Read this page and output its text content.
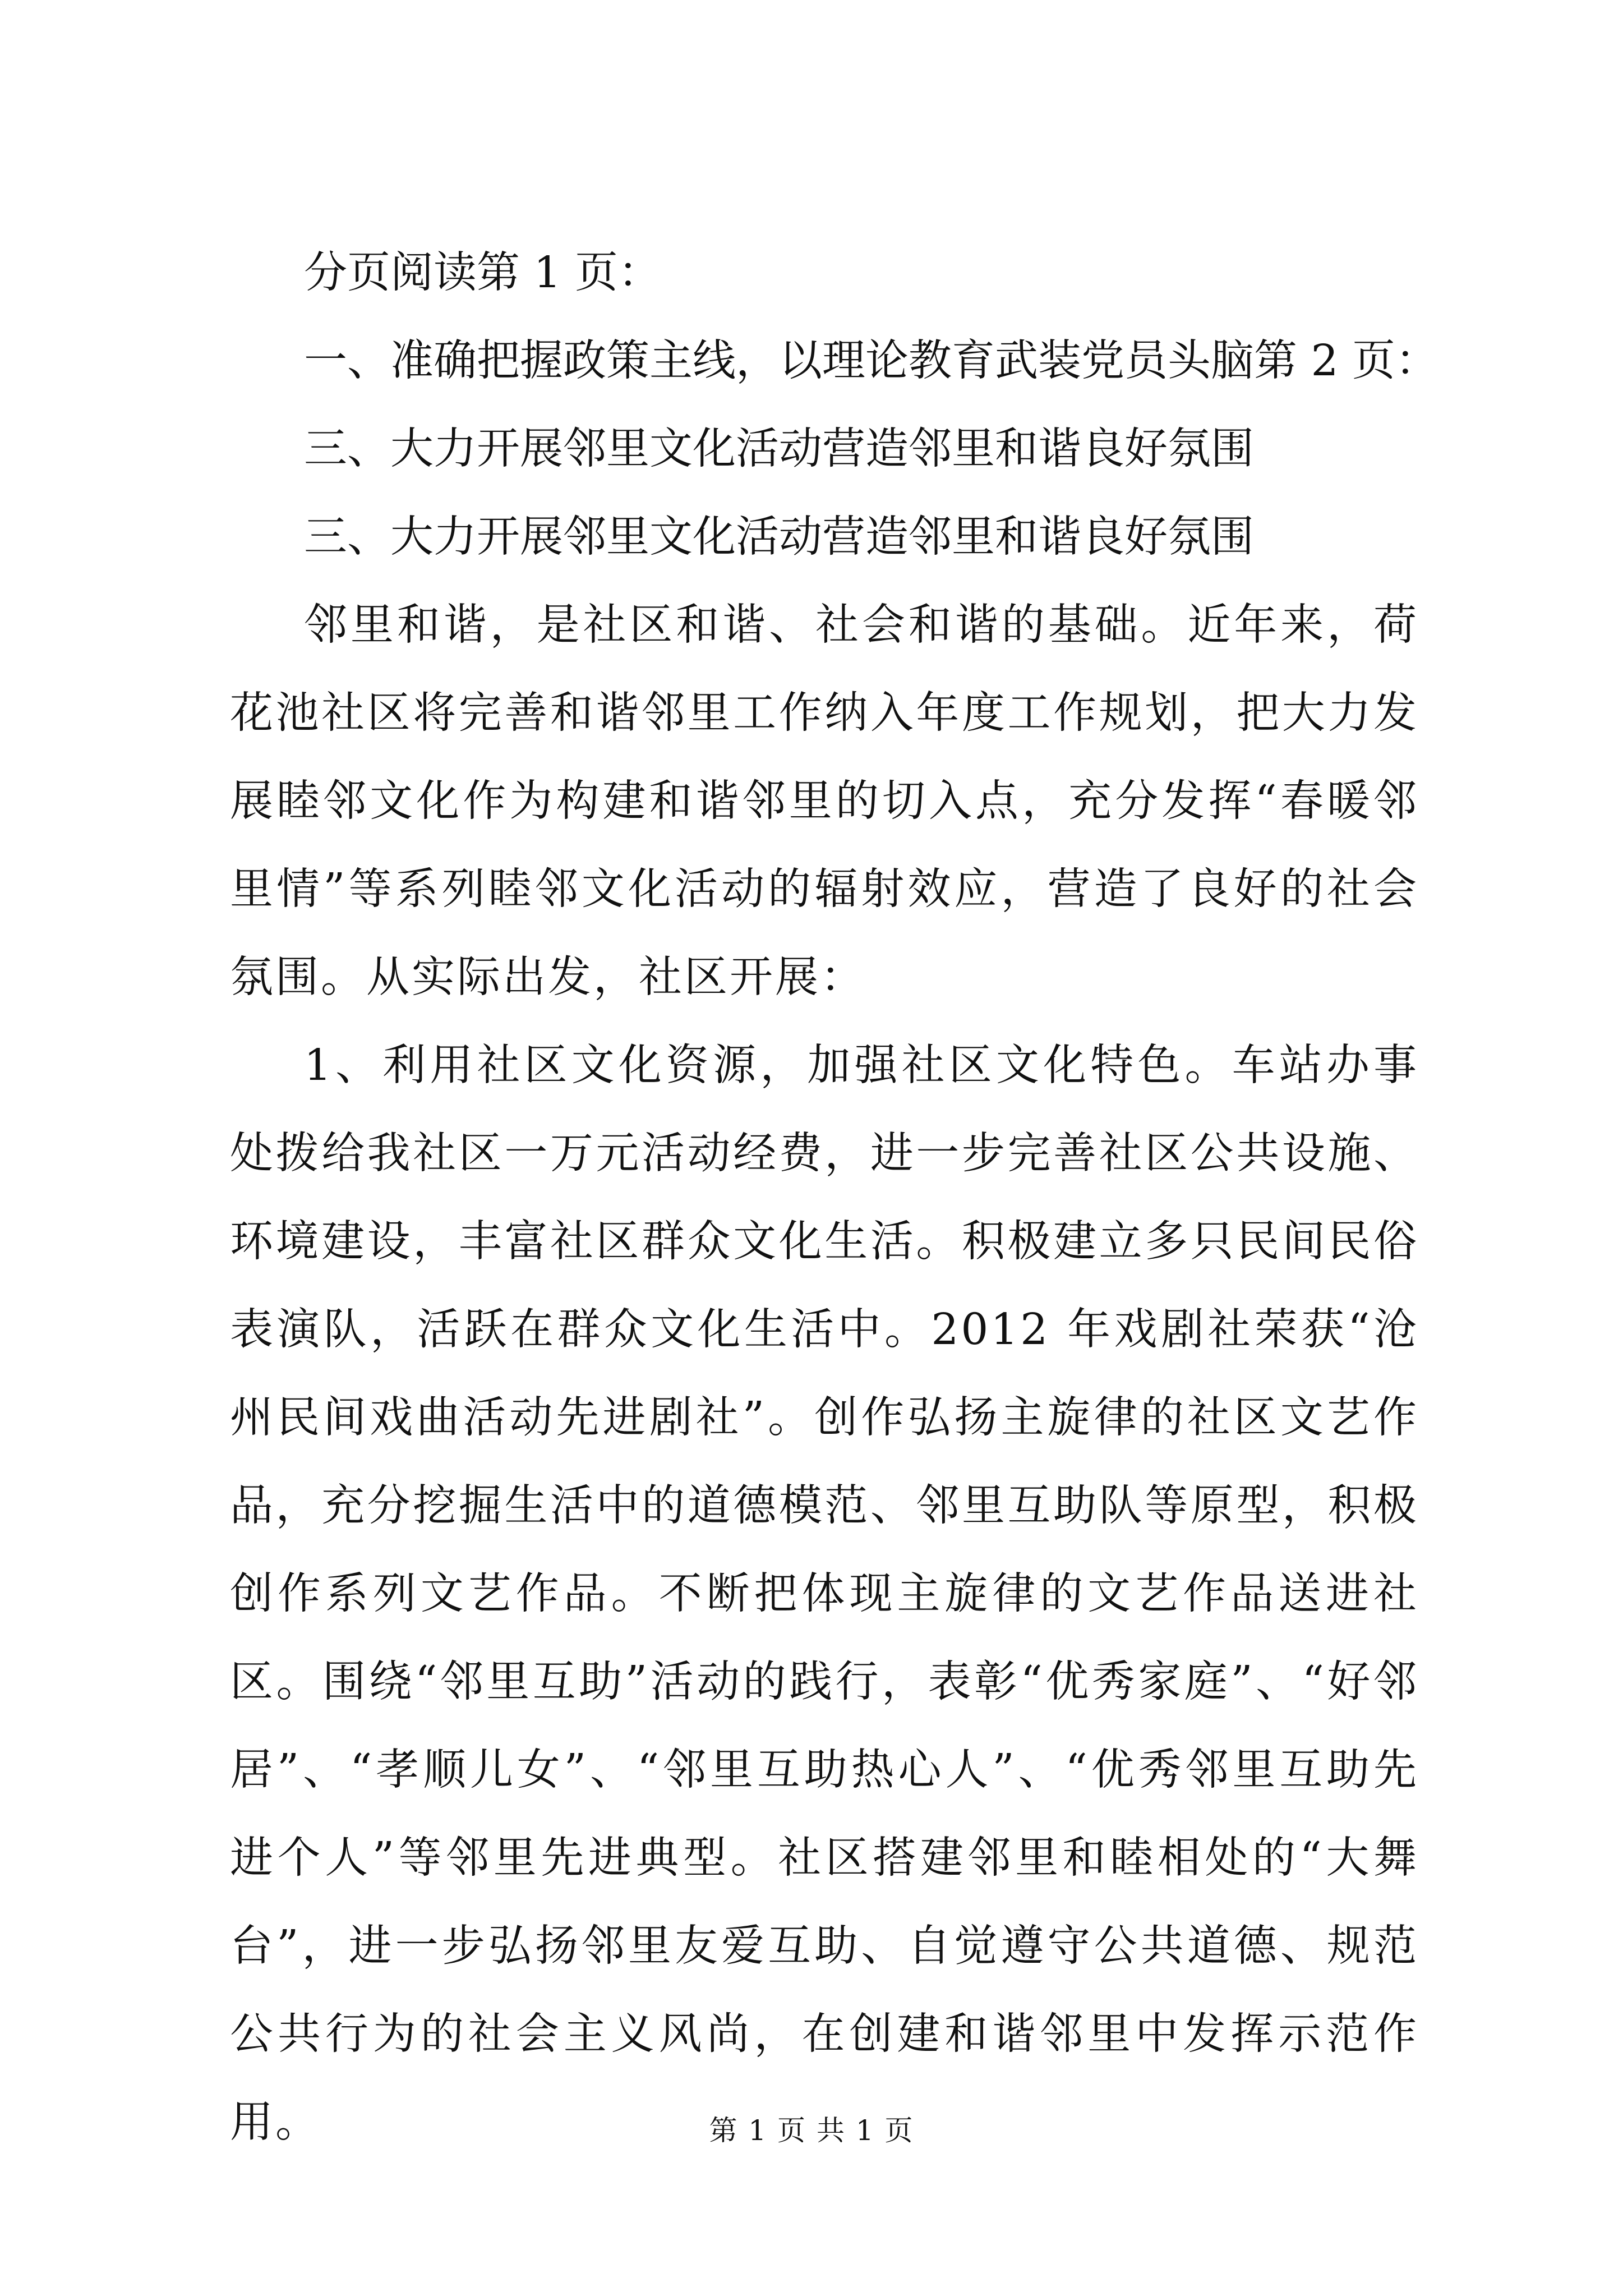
分页阅读第 1 页：
一、准确把握政策主线，以理论教育武装党员头脑第 2 页：
三、大力开展邻里文化活动营造邻里和谐良好氛围
三、大力开展邻里文化活动营造邻里和谐良好氛围

邻里和谐，是社区和谐、社会和谐的基础。近年来，荷花池社区将完善和谐邻里工作纳入年度工作规划，把大力发展睦邻文化作为构建和谐邻里的切入点，充分发挥“春暖邻里情”等系列睦邻文化活动的辐射效应，营造了良好的社会氛围。从实际出发，社区开展：

1、利用社区文化资源，加强社区文化特色。车站办事处拨给我社区一万元活动经费，进一步完善社区公共设施、环境建设，丰富社区群众文化生活。积极建立多只民间民俗表演队，活跃在群众文化生活中。2012 年戏剧社荣获“沧州民间戏曲活动先进剧社”。创作弘扬主旋律的社区文艺作品，充分挖掘生活中的道德模范、邻里互助队等原型，积极创作系列文艺作品。不断把体现主旋律的文艺作品送进社区。围绕“邻里互助”活动的践行，表彰“优秀家庭”、“好邻居”、“孝顺儿女”、“邻里互助热心人”、“优秀邻里互助先进个人”等邻里先进典型。社区搭建邻里和睦相处的“大舞台”，进一步弘扬邻里友爱互助、自觉遵守公共道德、规范公共行为的社会主义风尚，在创建和谐邻里中发挥示范作用。	第 1 页 共 1 页
